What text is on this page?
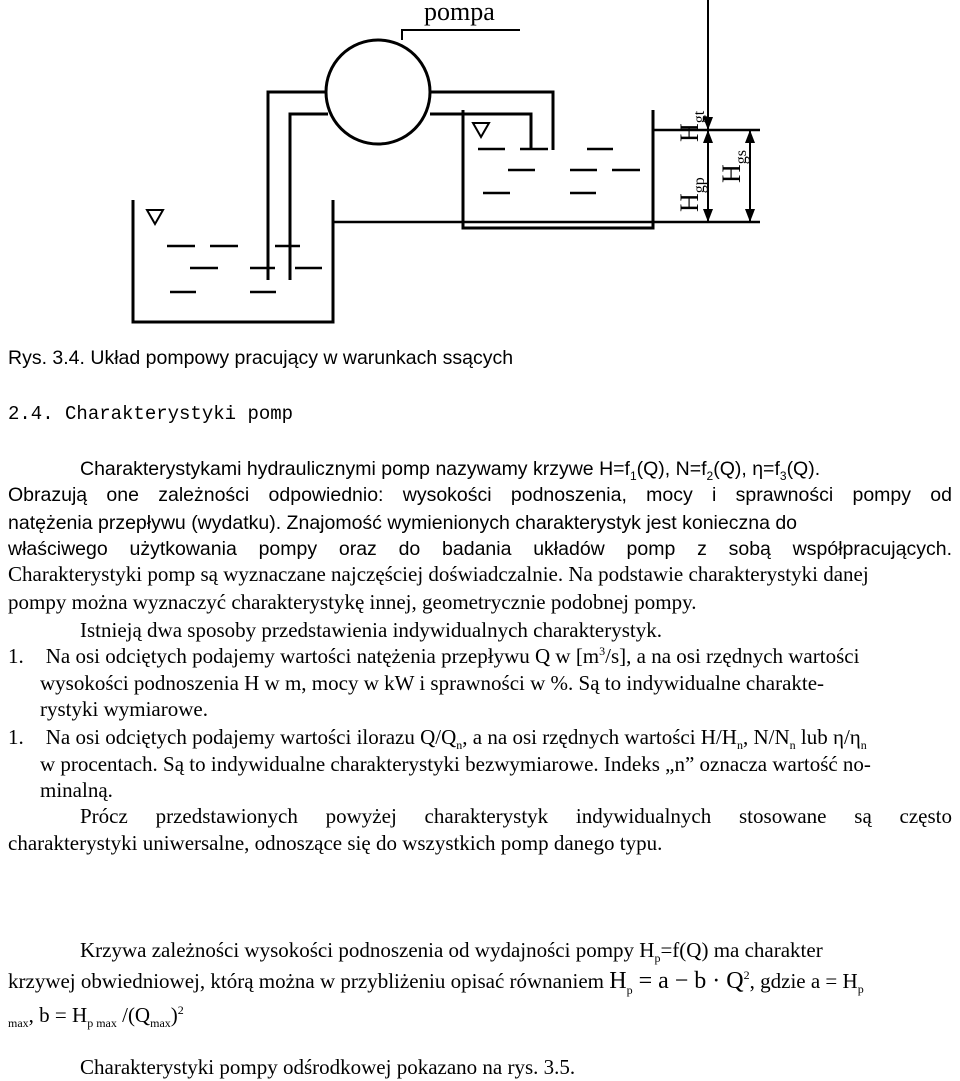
pompa
$H_{gt}$
$H_{gp}$
$H_{gs}$
Rys. 3.4. Układ pompowy pracujący w warunkach ssących
2.4. Charakterystyki pomp
Charakterystykami hydraulicznymi pomp nazywamy krzywe $H=f_1(Q)$, $N=f_2(Q)$, $\eta=f_3(Q)$.
Obrazują one zależności odpowiednio: wysokości podnoszenia, mocy i sprawności pompy od
natężenia przepływu (wydatku). Znajomość wymienionych charakterystyk jest konieczna do
właściwego użytkowania pompy oraz do badania układów pomp z sobą współpracujących.
Charakterystyki pomp są wyznaczane najczęściej doświadczalnie. Na podstawie charakterystyki danej
pompy można wyznaczyć charakterystykę innej, geometrycznie podobnej pompy.
Istnieją dwa sposoby przedstawienia indywidualnych charakterystyk.
1. Na osi odciętych podajemy wartości natężenia przepływu Q w $[m^3/s]$, a na osi rzędnych wartości
wysokości podnoszenia H w m, mocy w kW i sprawności w %. Są to indywidualne charakte-
rystyki wymiarowe.
1. Na osi odciętych podajemy wartości ilorazu $Q/Q_n$, a na osi rzędnych wartości $H/H_n$, $N/N_n$ lub $\eta/\eta_n$
w procentach. Są to indywidualne charakterystyki bezwymiarowe. Indeks „n” oznacza wartość no-
minalną.
Prócz przedstawionych powyżej charakterystyk indywidualnych stosowane są często
charakterystyki uniwersalne, odnoszące się do wszystkich pomp danego typu.
Krzywa zależności wysokości podnoszenia od wydajności pompy $H_p=f(Q)$ ma charakter
krzywej obwiedniowej, którą można w przybliżeniu opisać równaniem $H_p = a - b \cdot Q^2$, gdzie $a = H_p$
$_{max}$, $b = H_{p max}$ $/(Q_{max})^2$
Charakterystyki pompy odśrodkowej pokazano na rys. 3.5.
